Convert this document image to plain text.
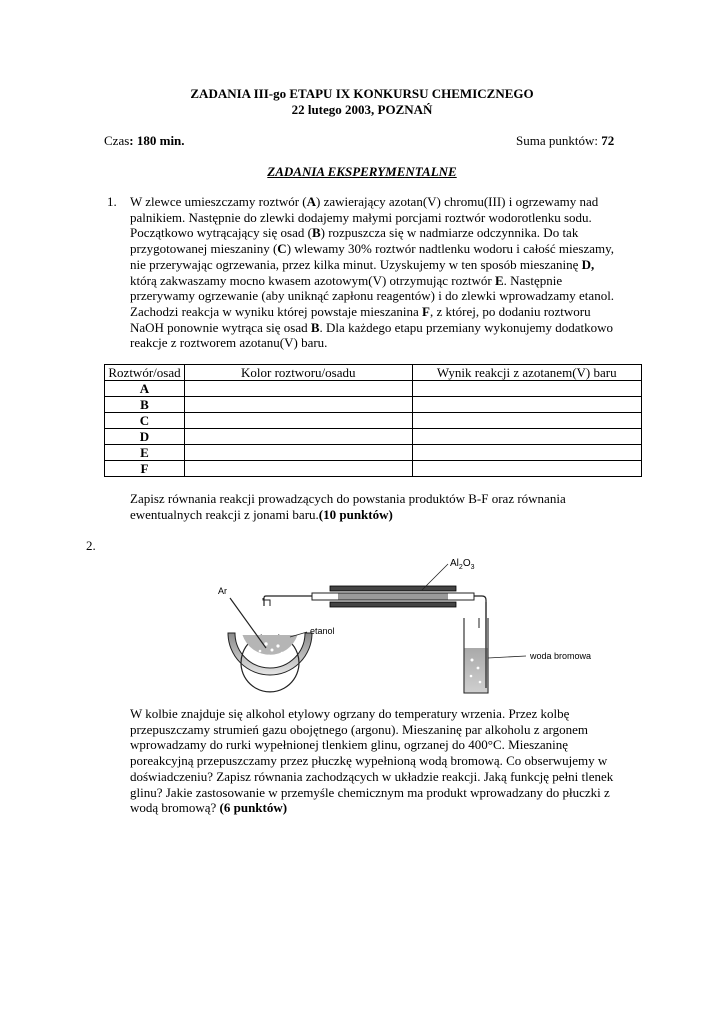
ZADANIA III-go ETAPU IX KONKURSU CHEMICZNEGO
22 lutego 2003, POZNAŃ
Czas: 180 min.	Suma punktów: 72
ZADANIA EKSPERYMENTALNE
1. W zlewce umieszczamy roztwór (A) zawierający azotan(V) chromu(III) i ogrzewamy nad
palnikiem. Następnie do zlewki dodajemy małymi porcjami roztwór wodorotlenku sodu.
Początkowo wytrącający się osad (B) rozpuszcza się w nadmiarze odczynnika. Do tak
przygotowanej mieszaniny (C) wlewamy 30% roztwór nadtlenku wodoru i całość mieszamy,
nie przerywając ogrzewania, przez kilka minut. Uzyskujemy w ten sposób mieszaninę D,
którą zakwaszamy mocno kwasem azotowym(V) otrzymując roztwór E. Następnie
przerywamy ogrzewanie (aby uniknąć zapłonu reagentów) i do zlewki wprowadzamy etanol.
Zachodzi reakcja w wyniku której powstaje mieszanina F, z której, po dodaniu roztworu
NaOH ponownie wytrąca się osad B. Dla każdego etapu przemiany wykonujemy dodatkowo
reakcje z roztworem azotanu(V) baru.
Roztwór/osad	Kolor roztworu/osadu	Wynik reakcji z azotanem(V) baru
A		
B		
C		
D		
E		
F		
Zapisz równania reakcji prowadzących do powstania produktów B-F oraz równania
ewentualnych reakcji z jonami baru.(10 punktów)
2.
Ar
$Al_2O_3$
woda bromowa
etanol
W kolbie znajduje się alkohol etylowy ogrzany do temperatury wrzenia. Przez kolbę
przepuszczamy strumień gazu obojętnego (argonu). Mieszaninę par alkoholu z argonem
wprowadzamy do rurki wypełnionej tlenkiem glinu, ogrzanej do 400°C. Mieszaninę
poreakcyjną przepuszczamy przez płuczkę wypełnioną wodą bromową. Co obserwujemy w
doświadczeniu? Zapisz równania zachodzących w układzie reakcji. Jaką funkcję pełni tlenek
glinu? Jakie zastosowanie w przemyśle chemicznym ma produkt wprowadzany do płuczki z
wodą bromową? (6 punktów)
